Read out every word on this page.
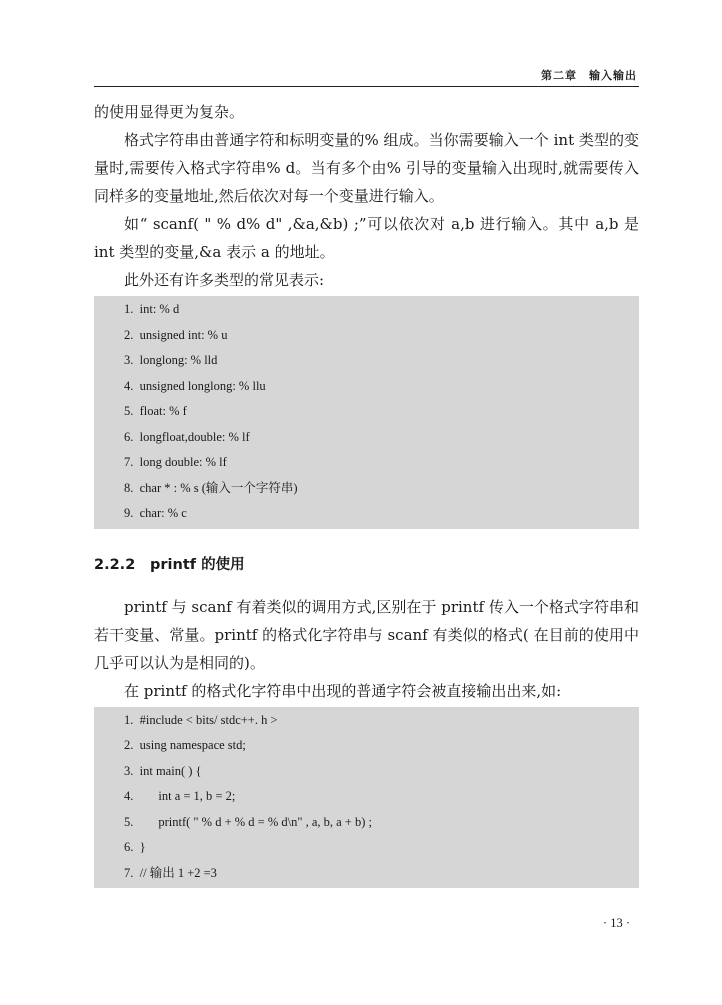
第二章　输入输出

的使用显得更为复杂。

格式字符串由普通字符和标明变量的% 组成。当你需要输入一个 int 类型的变量时,需要传入格式字符串% d。当有多个由% 引导的变量输入出现时,就需要传入同样多的变量地址,然后依次对每一个变量进行输入。

如“ scanf( " % d% d" ,&a,&b) ;”可以依次对 a,b 进行输入。其中 a,b 是 int 类型的变量,&a 表示 a 的地址。

此外还有许多类型的常见表示:

1.  int: % d
2.  unsigned int: % u
3.  longlong: % lld
4.  unsigned longlong: % llu
5.  float: % f
6.  longfloat,double: % lf
7.  long double: % lf
8.  char * : % s (输入一个字符串)
9.  char: % c
2.2.2 printf 的使用

printf 与 scanf 有着类似的调用方式,区别在于 printf 传入一个格式字符串和若干变量、常量。printf 的格式化字符串与 scanf 有类似的格式( 在目前的使用中几乎可以认为是相同的)。

在 printf 的格式化字符串中出现的普通字符会被直接输出出来,如:

1.  #include < bits/ stdc++. h >
2.  using namespace std;
3.  int main( ) {
4.        int a = 1, b = 2;
5.        printf( " % d + % d = % d\n" , a, b, a + b) ;
6.  }
7.  // 输出 1 +2 =3
· 13 ·
